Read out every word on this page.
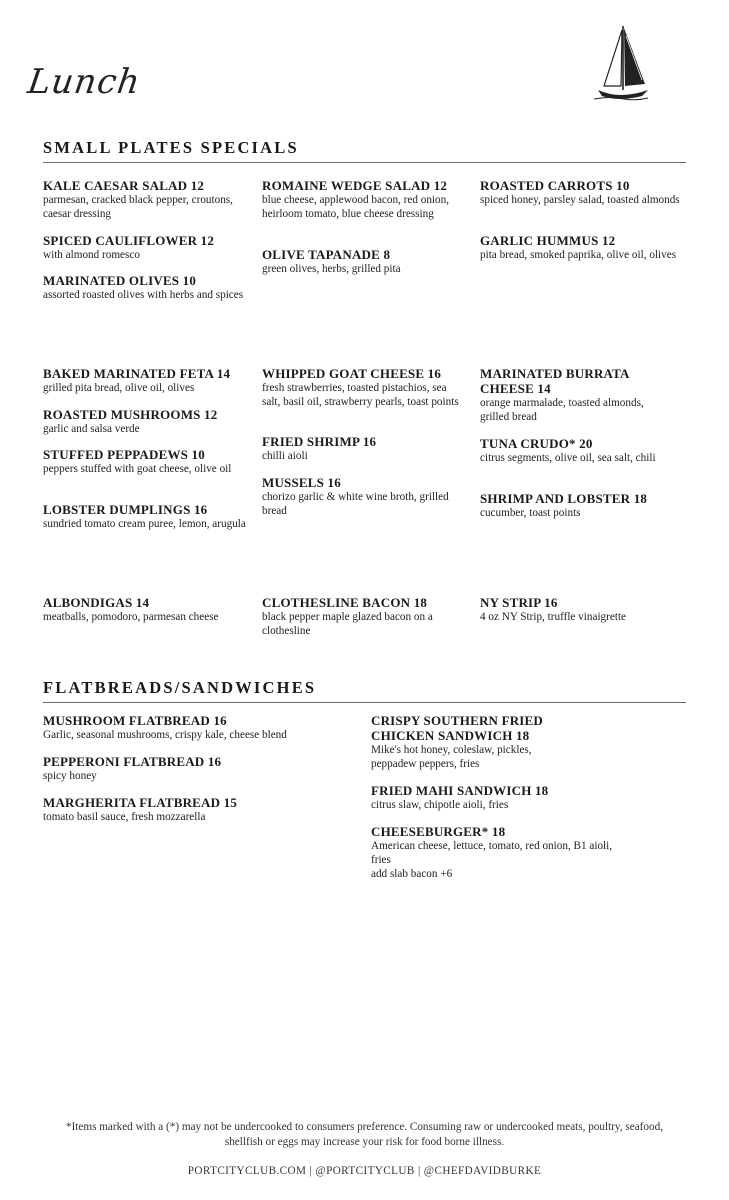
Lunch
SMALL PLATES SPECIALS
KALE CAESAR SALAD 12
parmesan, cracked black pepper, croutons, caesar dressing
SPICED CAULIFLOWER 12
with almond romesco
MARINATED OLIVES 10
assorted roasted olives with herbs and spices
ROMAINE WEDGE SALAD 12
blue cheese, applewood bacon, red onion, heirloom tomato, blue cheese dressing
OLIVE TAPANADE 8
green olives, herbs, grilled pita
ROASTED CARROTS 10
spiced honey, parsley salad, toasted almonds
GARLIC HUMMUS 12
pita bread, smoked paprika, olive oil, olives
BAKED MARINATED FETA 14
grilled pita bread, olive oil, olives
ROASTED MUSHROOMS 12
garlic and salsa verde
STUFFED PEPPADEWS 10
peppers stuffed with goat cheese, olive oil
LOBSTER DUMPLINGS 16
sundried tomato cream puree, lemon, arugula
WHIPPED GOAT CHEESE 16
fresh strawberries, toasted pistachios, sea salt, basil oil, strawberry pearls, toast points
FRIED SHRIMP 16
chilli aioli
MUSSELS 16
chorizo garlic & white wine broth, grilled bread
MARINATED BURRATA CHEESE 14
orange marmalade, toasted almonds, grilled bread
TUNA CRUDO* 20
citrus segments, olive oil, sea salt, chili
SHRIMP AND LOBSTER 18
cucumber, toast points
ALBONDIGAS 14
meatballs, pomodoro, parmesan cheese
CLOTHESLINE BACON 18
black pepper maple glazed bacon on a clothesline
NY STRIP 16
4 oz NY Strip, truffle vinaigrette
FLATBREADS/SANDWICHES
MUSHROOM FLATBREAD 16
Garlic, seasonal mushrooms, crispy kale, cheese blend
PEPPERONI FLATBREAD 16
spicy honey
MARGHERITA FLATBREAD 15
tomato basil sauce, fresh mozzarella
CRISPY SOUTHERN FRIED CHICKEN SANDWICH 18
Mike's hot honey, coleslaw, pickles, peppadew peppers, fries
FRIED MAHI SANDWICH 18
citrus slaw, chipotle aioli, fries
CHEESEBURGER* 18
American cheese, lettuce, tomato, red onion, B1 aioli, fries
add slab bacon +6
*Items marked with a (*) may not be undercooked to consumers preference. Consuming raw or undercooked meats, poultry, seafood, shellfish or eggs may increase your risk for food borne illness.
PORTCITYCLUB.COM | @PORTCITYCLUB | @CHEFDAVIDBURKE
